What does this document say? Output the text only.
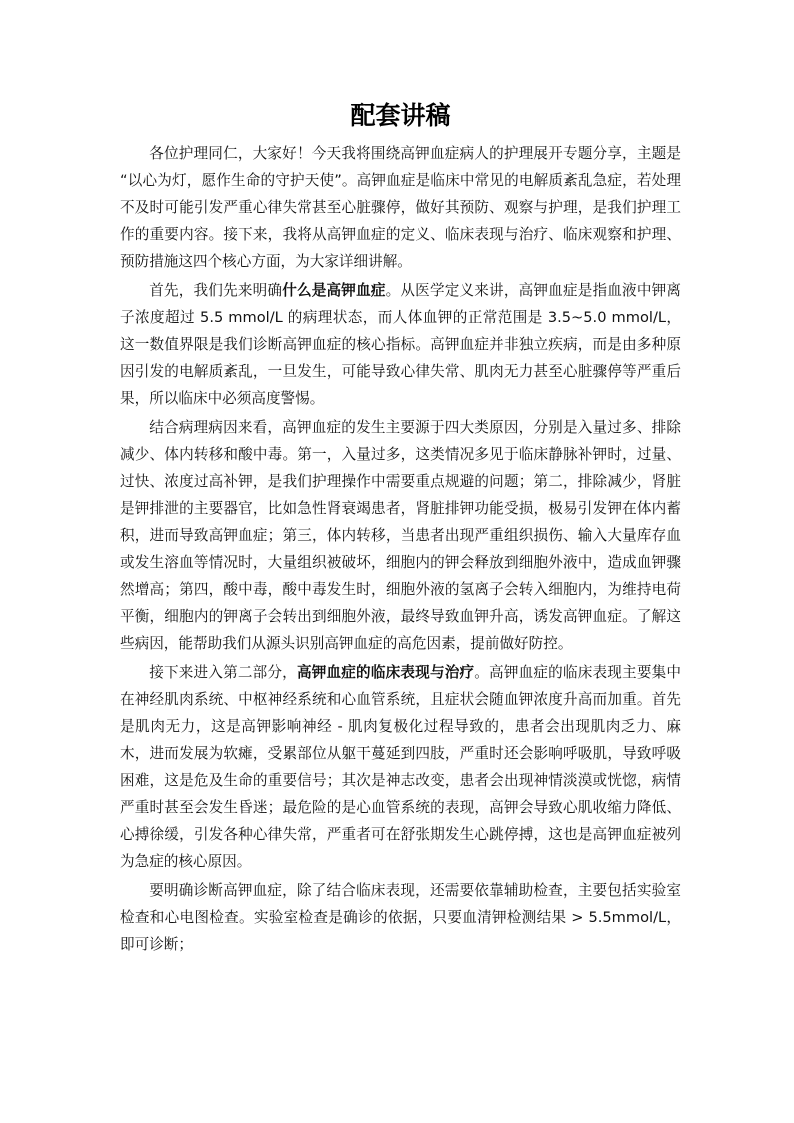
配套讲稿

各位护理同仁，大家好！今天我将围绕高钾血症病人的护理展开专题分享，主题是 “以心为灯，愿作生命的守护天使”。高钾血症是临床中常见的电解质紊乱急症，若处理不及时可能引发严重心律失常甚至心脏骤停，做好其预防、观察与护理，是我们护理工作的重要内容。接下来，我将从高钾血症的定义、临床表现与治疗、临床观察和护理、预防措施这四个核心方面，为大家详细讲解。

首先，我们先来明确什么是高钾血症。从医学定义来讲，高钾血症是指血液中钾离子浓度超过 5.5 mmol/L 的病理状态，而人体血钾的正常范围是 3.5~5.0 mmol/L，这一数值界限是我们诊断高钾血症的核心指标。高钾血症并非独立疾病，而是由多种原因引发的电解质紊乱，一旦发生，可能导致心律失常、肌肉无力甚至心脏骤停等严重后果，所以临床中必须高度警惕。

结合病理病因来看，高钾血症的发生主要源于四大类原因，分别是入量过多、排除减少、体内转移和酸中毒。第一，入量过多，这类情况多见于临床静脉补钾时，过量、过快、浓度过高补钾，是我们护理操作中需要重点规避的问题；第二，排除减少，肾脏是钾排泄的主要器官，比如急性肾衰竭患者，肾脏排钾功能受损，极易引发钾在体内蓄积，进而导致高钾血症；第三，体内转移，当患者出现严重组织损伤、输入大量库存血或发生溶血等情况时，大量组织被破坏，细胞内的钾会释放到细胞外液中，造成血钾骤然增高；第四，酸中毒，酸中毒发生时，细胞外液的氢离子会转入细胞内，为维持电荷平衡，细胞内的钾离子会转出到细胞外液，最终导致血钾升高，诱发高钾血症。了解这些病因，能帮助我们从源头识别高钾血症的高危因素，提前做好防控。

接下来进入第二部分，高钾血症的临床表现与治疗。高钾血症的临床表现主要集中在神经肌肉系统、中枢神经系统和心血管系统，且症状会随血钾浓度升高而加重。首先是肌肉无力，这是高钾影响神经 - 肌肉复极化过程导致的，患者会出现肌肉乏力、麻木，进而发展为软瘫，受累部位从躯干蔓延到四肢，严重时还会影响呼吸肌，导致呼吸困难，这是危及生命的重要信号；其次是神志改变，患者会出现神情淡漠或恍惚，病情严重时甚至会发生昏迷；最危险的是心血管系统的表现，高钾会导致心肌收缩力降低、心搏徐缓，引发各种心律失常，严重者可在舒张期发生心跳停搏，这也是高钾血症被列为急症的核心原因。

要明确诊断高钾血症，除了结合临床表现，还需要依靠辅助检查，主要包括实验室检查和心电图检查。实验室检查是确诊的依据，只要血清钾检测结果 > 5.5mmol/L，即可诊断；
